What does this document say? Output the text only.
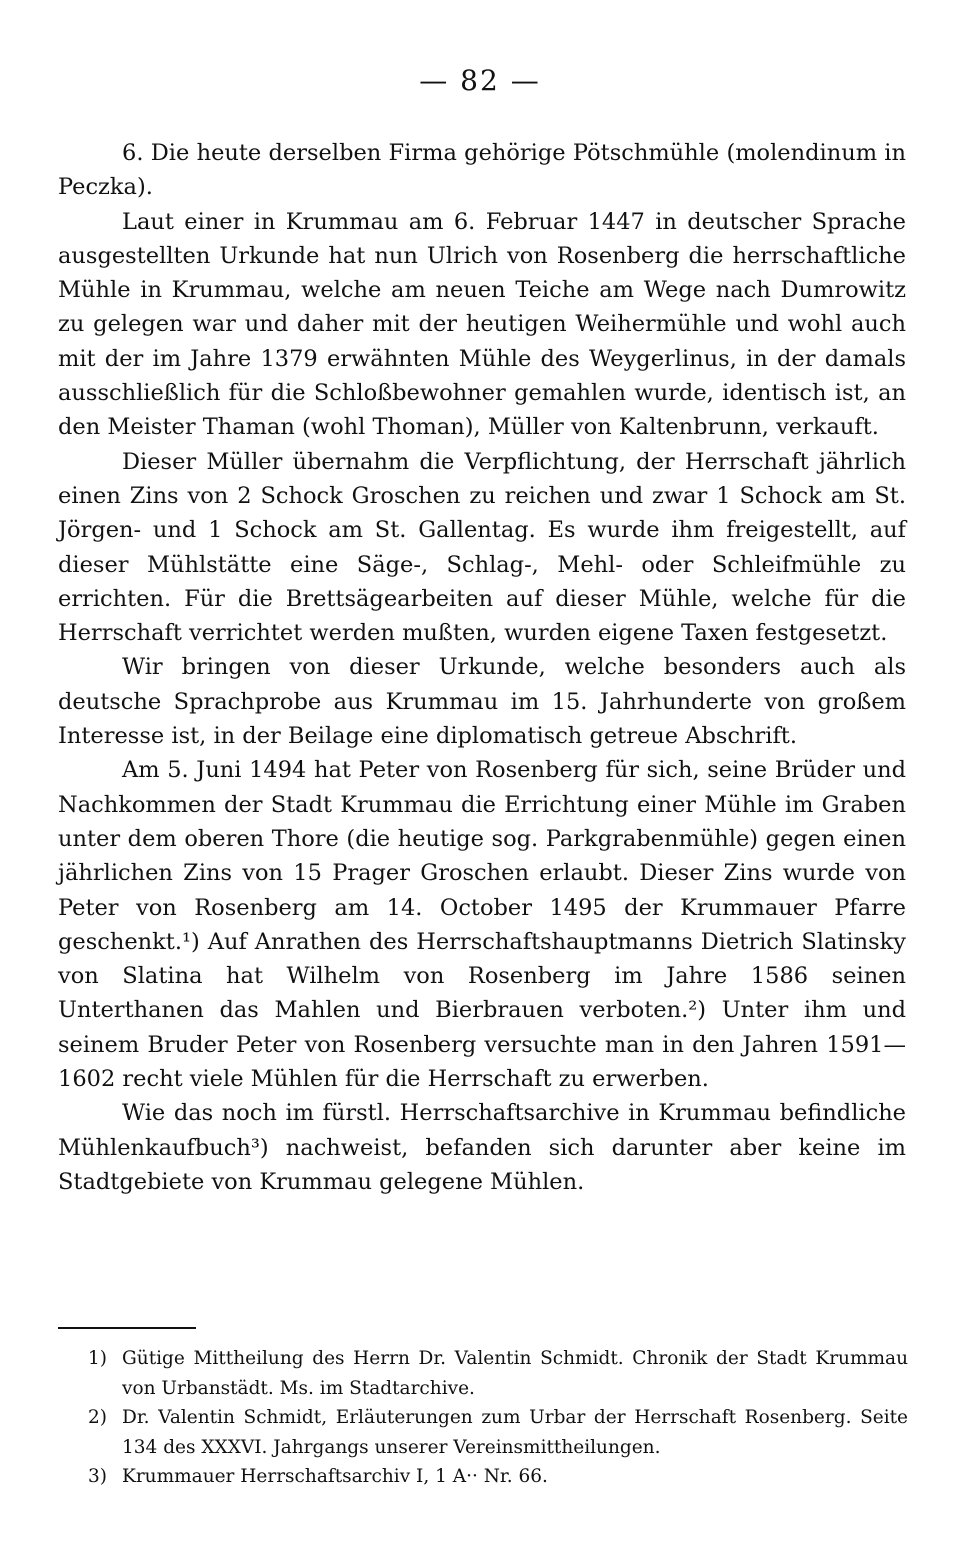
— 82 —

6. Die heute derselben Firma gehörige Pötschmühle (molendinum in Peczka).

Laut einer in Krummau am 6. Februar 1447 in deutscher Sprache ausgestellten Urkunde hat nun Ulrich von Rosenberg die herrschaftliche Mühle in Krummau, welche am neuen Teiche am Wege nach Dumrowitz zu gelegen war und daher mit der heutigen Weihermühle und wohl auch mit der im Jahre 1379 erwähnten Mühle des Weygerlinus, in der damals ausschließlich für die Schloßbewohner gemahlen wurde, identisch ist, an den Meister Thaman (wohl Thoman), Müller von Kaltenbrunn, verkauft.

Dieser Müller übernahm die Verpflichtung, der Herrschaft jährlich einen Zins von 2 Schock Groschen zu reichen und zwar 1 Schock am St. Jörgen- und 1 Schock am St. Gallentag. Es wurde ihm freigestellt, auf dieser Mühlstätte eine Säge-, Schlag-, Mehl- oder Schleifmühle zu errichten. Für die Brettsägearbeiten auf dieser Mühle, welche für die Herrschaft verrichtet werden mußten, wurden eigene Taxen festgesetzt.

Wir bringen von dieser Urkunde, welche besonders auch als deutsche Sprachprobe aus Krummau im 15. Jahrhunderte von großem Interesse ist, in der Beilage eine diplomatisch getreue Abschrift.

Am 5. Juni 1494 hat Peter von Rosenberg für sich, seine Brüder und Nachkommen der Stadt Krummau die Errichtung einer Mühle im Graben unter dem oberen Thore (die heutige sog. Parkgrabenmühle) gegen einen jährlichen Zins von 15 Prager Groschen erlaubt. Dieser Zins wurde von Peter von Rosenberg am 14. October 1495 der Krummauer Pfarre geschenkt.¹) Auf Anrathen des Herrschaftshauptmanns Dietrich Slatinsky von Slatina hat Wilhelm von Rosenberg im Jahre 1586 seinen Unterthanen das Mahlen und Bierbrauen verboten.²) Unter ihm und seinem Bruder Peter von Rosenberg versuchte man in den Jahren 1591—1602 recht viele Mühlen für die Herrschaft zu erwerben.

Wie das noch im fürstl. Herrschaftsarchive in Krummau befindliche Mühlenkaufbuch³) nachweist, befanden sich darunter aber keine im Stadtgebiete von Krummau gelegene Mühlen.

1) Gütige Mittheilung des Herrn Dr. Valentin Schmidt. Chronik der Stadt Krummau von Urbanstädt. Ms. im Stadtarchive.

2) Dr. Valentin Schmidt, Erläuterungen zum Urbar der Herrschaft Rosenberg. Seite 134 des XXXVI. Jahrgangs unserer Vereinsmittheilungen.

3) Krummauer Herrschaftsarchiv I, 1 A·· Nr. 66.
